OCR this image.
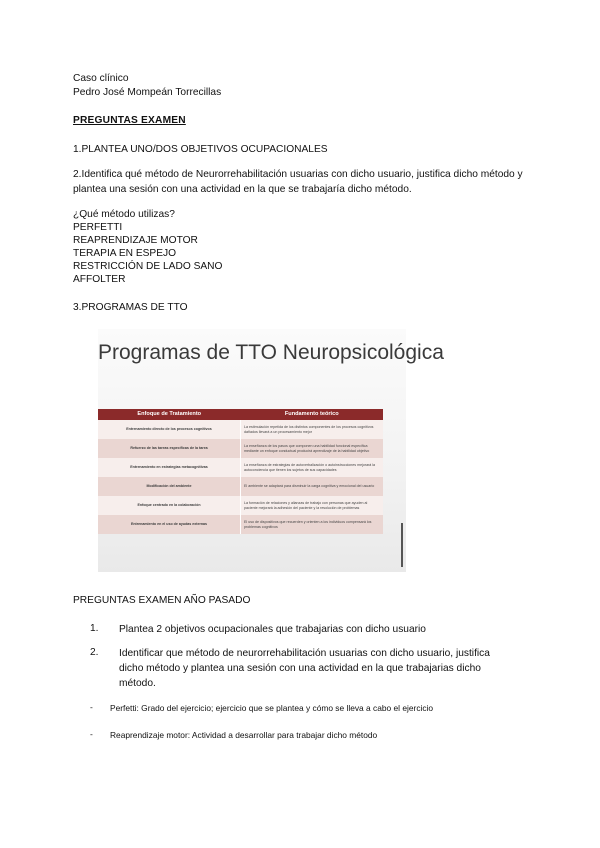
Caso clínico
Pedro José Mompeán Torrecillas
PREGUNTAS EXAMEN
1.PLANTEA UNO/DOS OBJETIVOS OCUPACIONALES
2.Identifica qué método de Neurorrehabilitación usuarias con dicho usuario, justifica dicho método y plantea una sesión con una actividad en la que se trabajaría dicho método.
¿Qué método utilizas?
PERFETTI
REAPRENDIZAJE MOTOR
TERAPIA EN ESPEJO
RESTRICCIÓN DE LADO SANO
AFFOLTER
3.PROGRAMAS DE TTO
Programas de TTO Neuropsicológica
Enfoque de Tratamiento	Fundamento teórico
Entrenamiento directo de los procesos cognitivos	La estimulación repetida de los distintos componentes de los procesos cognitivos dañados llevará a un procesamiento mejor
Refuerzo de las tareas específicas de la tarea	La enseñanza de los pasos que componen una habilidad funcional específica mediante un enfoque conductual producirá aprendizaje de la habilidad objetivo
Entrenamiento en estrategias metacognitivas	La enseñanza de estrategias de autoverbalización o autoinstrucciones mejorará la autoconciencia que tienen los sujetos de sus capacidades
Modificación del ambiente	El ambiente se adaptará para disminuir la carga cognitiva y emocional del usuario
Enfoque centrado en la colaboración	La formación de relaciones y alianzas de trabajo con personas que ayuden al paciente mejorará la adhesión del paciente y la resolución de problemas
Entrenamiento en el uso de ayudas externas	El uso de dispositivos que recuerden y orienten a los individuos compensará los problemas cognitivos
PREGUNTAS EXAMEN AÑO PASADO
1. Plantea 2 objetivos ocupacionales que trabajarias con dicho usuario
2. Identificar que método de neurorrehabilitación usuarias con dicho usuario, justifica dicho método y plantea una sesión con una actividad en la que trabajarias dicho método.
- Perfetti: Grado del ejercicio; ejercicio que se plantea y cómo se lleva a cabo el ejercicio
- Reaprendizaje motor: Actividad a desarrollar para trabajar dicho método
